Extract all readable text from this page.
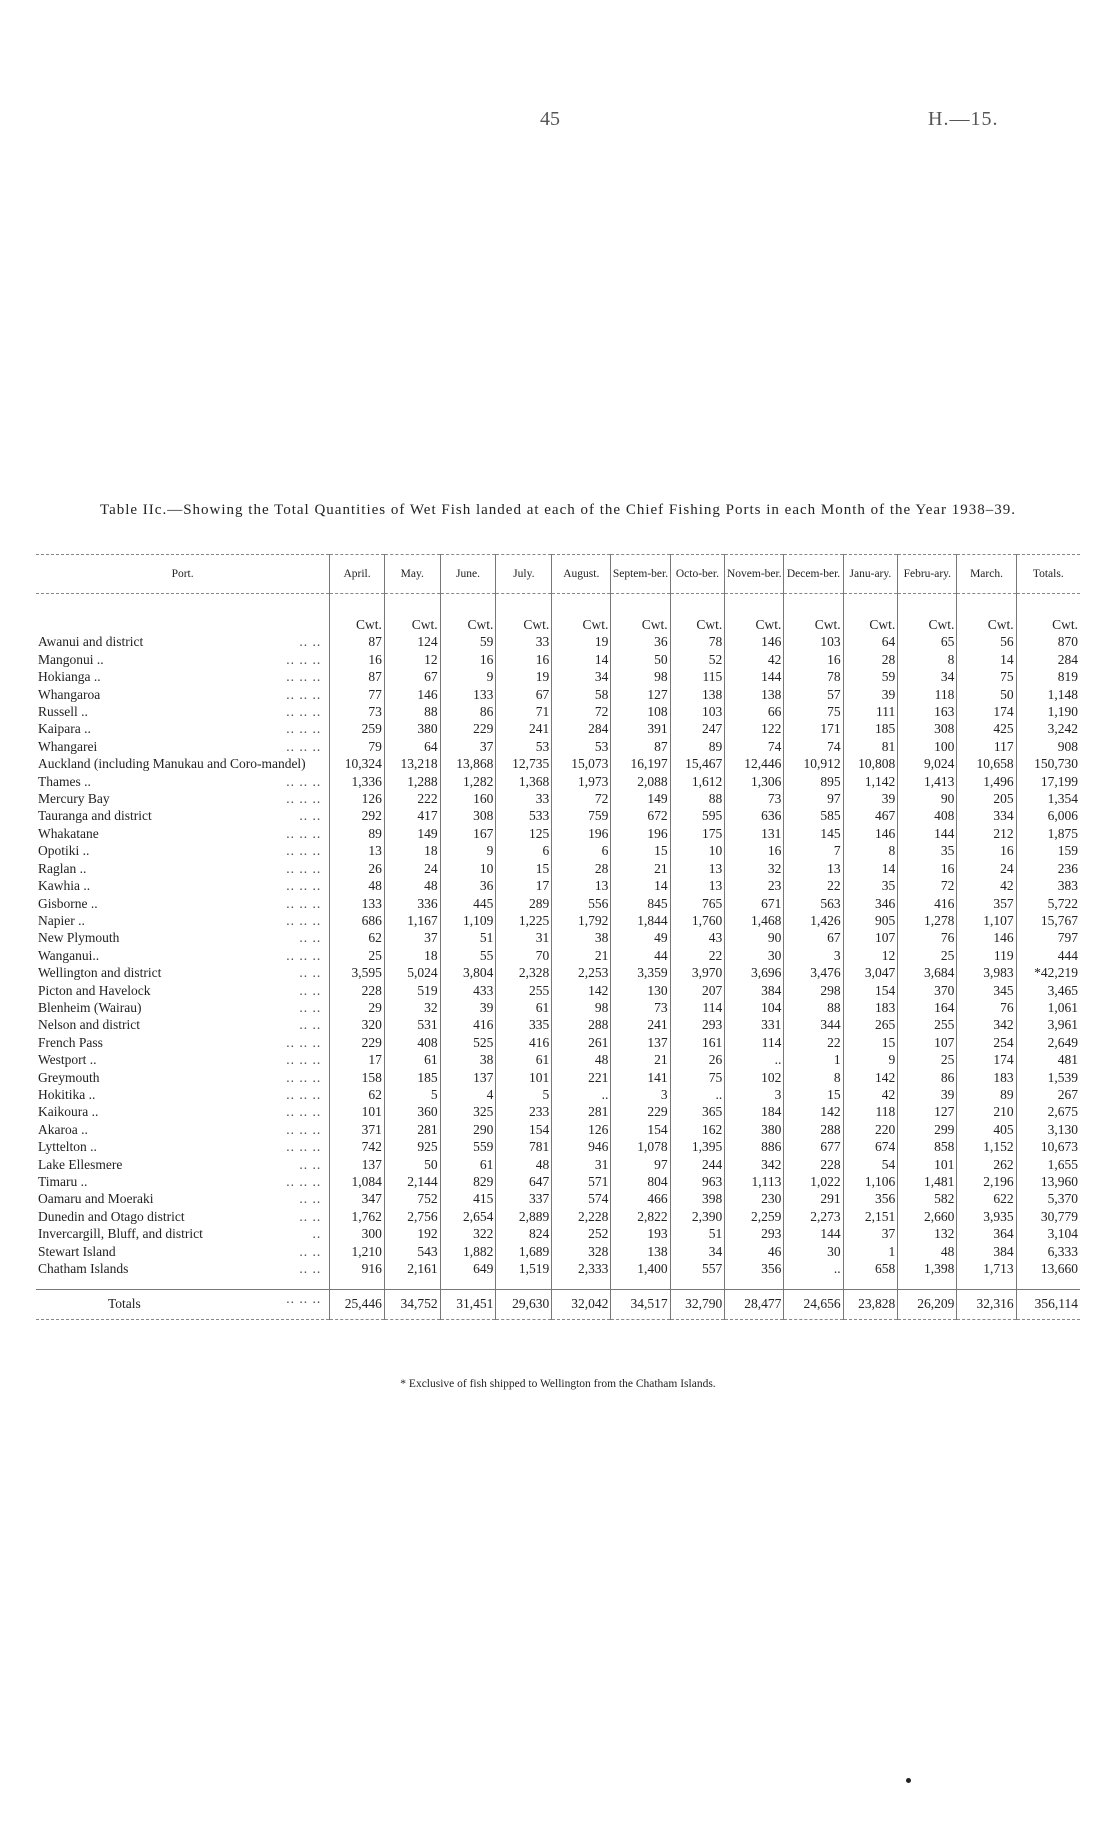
45	H.—15.
Table IIc.—Showing the Total Quantities of Wet Fish landed at each of the Chief Fishing Ports in each Month of the Year 1938–39.
Port.	April.	May.	June.	July.	August.	Septem-ber.	Octo-ber.	Novem-ber.	Decem-ber.	Janu-ary.	Febru-ary.	March.	Totals.
	Cwt.	Cwt.	Cwt.	Cwt.	Cwt.	Cwt.	Cwt.	Cwt.	Cwt.	Cwt.	Cwt.	Cwt.	Cwt.
Awanui and district .. ..	87	124	59	33	19	36	78	146	103	64	65	56	870
Mangonui .. .. .. ..	16	12	16	16	14	50	52	42	16	28	8	14	284
Hokianga .. .. .. ..	87	67	9	19	34	98	115	144	78	59	34	75	819
Whangaroa .. .. ..	77	146	133	67	58	127	138	138	57	39	118	50	1,148
Russell .. .. .. ..	73	88	86	71	72	108	103	66	75	111	163	174	1,190
Kaipara .. .. .. ..	259	380	229	241	284	391	247	122	171	185	308	425	3,242
Whangarei .. .. ..	79	64	37	53	53	87	89	74	74	81	100	117	908
Auckland (including Manukau and Coro-mandel)	10,324	13,218	13,868	12,735	15,073	16,197	15,467	12,446	10,912	10,808	9,024	10,658	150,730
Thames .. .. .. ..	1,336	1,288	1,282	1,368	1,973	2,088	1,612	1,306	895	1,142	1,413	1,496	17,199
Mercury Bay .. .. ..	126	222	160	33	72	149	88	73	97	39	90	205	1,354
Tauranga and district .. ..	292	417	308	533	759	672	595	636	585	467	408	334	6,006
Whakatane .. .. ..	89	149	167	125	196	196	175	131	145	146	144	212	1,875
Opotiki .. .. .. ..	13	18	9	6	6	15	10	16	7	8	35	16	159
Raglan .. .. .. ..	26	24	10	15	28	21	13	32	13	14	16	24	236
Kawhia .. .. .. ..	48	48	36	17	13	14	13	23	22	35	72	42	383
Gisborne .. .. .. ..	133	336	445	289	556	845	765	671	563	346	416	357	5,722
Napier .. .. .. ..	686	1,167	1,109	1,225	1,792	1,844	1,760	1,468	1,426	905	1,278	1,107	15,767
New Plymouth .. ..	62	37	51	31	38	49	43	90	67	107	76	146	797
Wanganui.. .. .. ..	25	18	55	70	21	44	22	30	3	12	25	119	444
Wellington and district .. ..	3,595	5,024	3,804	2,328	2,253	3,359	3,970	3,696	3,476	3,047	3,684	3,983	*42,219
Picton and Havelock .. ..	228	519	433	255	142	130	207	384	298	154	370	345	3,465
Blenheim (Wairau) .. ..	29	32	39	61	98	73	114	104	88	183	164	76	1,061
Nelson and district .. ..	320	531	416	335	288	241	293	331	344	265	255	342	3,961
French Pass .. .. ..	229	408	525	416	261	137	161	114	22	15	107	254	2,649
Westport .. .. .. ..	17	61	38	61	48	21	26	..	1	9	25	174	481
Greymouth .. .. ..	158	185	137	101	221	141	75	102	8	142	86	183	1,539
Hokitika .. .. .. ..	62	5	4	5	..	3	..	3	15	42	39	89	267
Kaikoura .. .. .. ..	101	360	325	233	281	229	365	184	142	118	127	210	2,675
Akaroa .. .. .. ..	371	281	290	154	126	154	162	380	288	220	299	405	3,130
Lyttelton .. .. .. ..	742	925	559	781	946	1,078	1,395	886	677	674	858	1,152	10,673
Lake Ellesmere .. ..	137	50	61	48	31	97	244	342	228	54	101	262	1,655
Timaru .. .. .. ..	1,084	2,144	829	647	571	804	963	1,113	1,022	1,106	1,481	2,196	13,960
Oamaru and Moeraki .. ..	347	752	415	337	574	466	398	230	291	356	582	622	5,370
Dunedin and Otago district .. ..	1,762	2,756	2,654	2,889	2,228	2,822	2,390	2,259	2,273	2,151	2,660	3,935	30,779
Invercargill, Bluff, and district ..	300	192	322	824	252	193	51	293	144	37	132	364	3,104
Stewart Island .. ..	1,210	543	1,882	1,689	328	138	34	46	30	1	48	384	6,333
Chatham Islands .. ..	916	2,161	649	1,519	2,333	1,400	557	356	..	658	1,398	1,713	13,660

Totals .. .. ..	25,446	34,752	31,451	29,630	32,042	34,517	32,790	28,477	24,656	23,828	26,209	32,316	356,114
* Exclusive of fish shipped to Wellington from the Chatham Islands.
